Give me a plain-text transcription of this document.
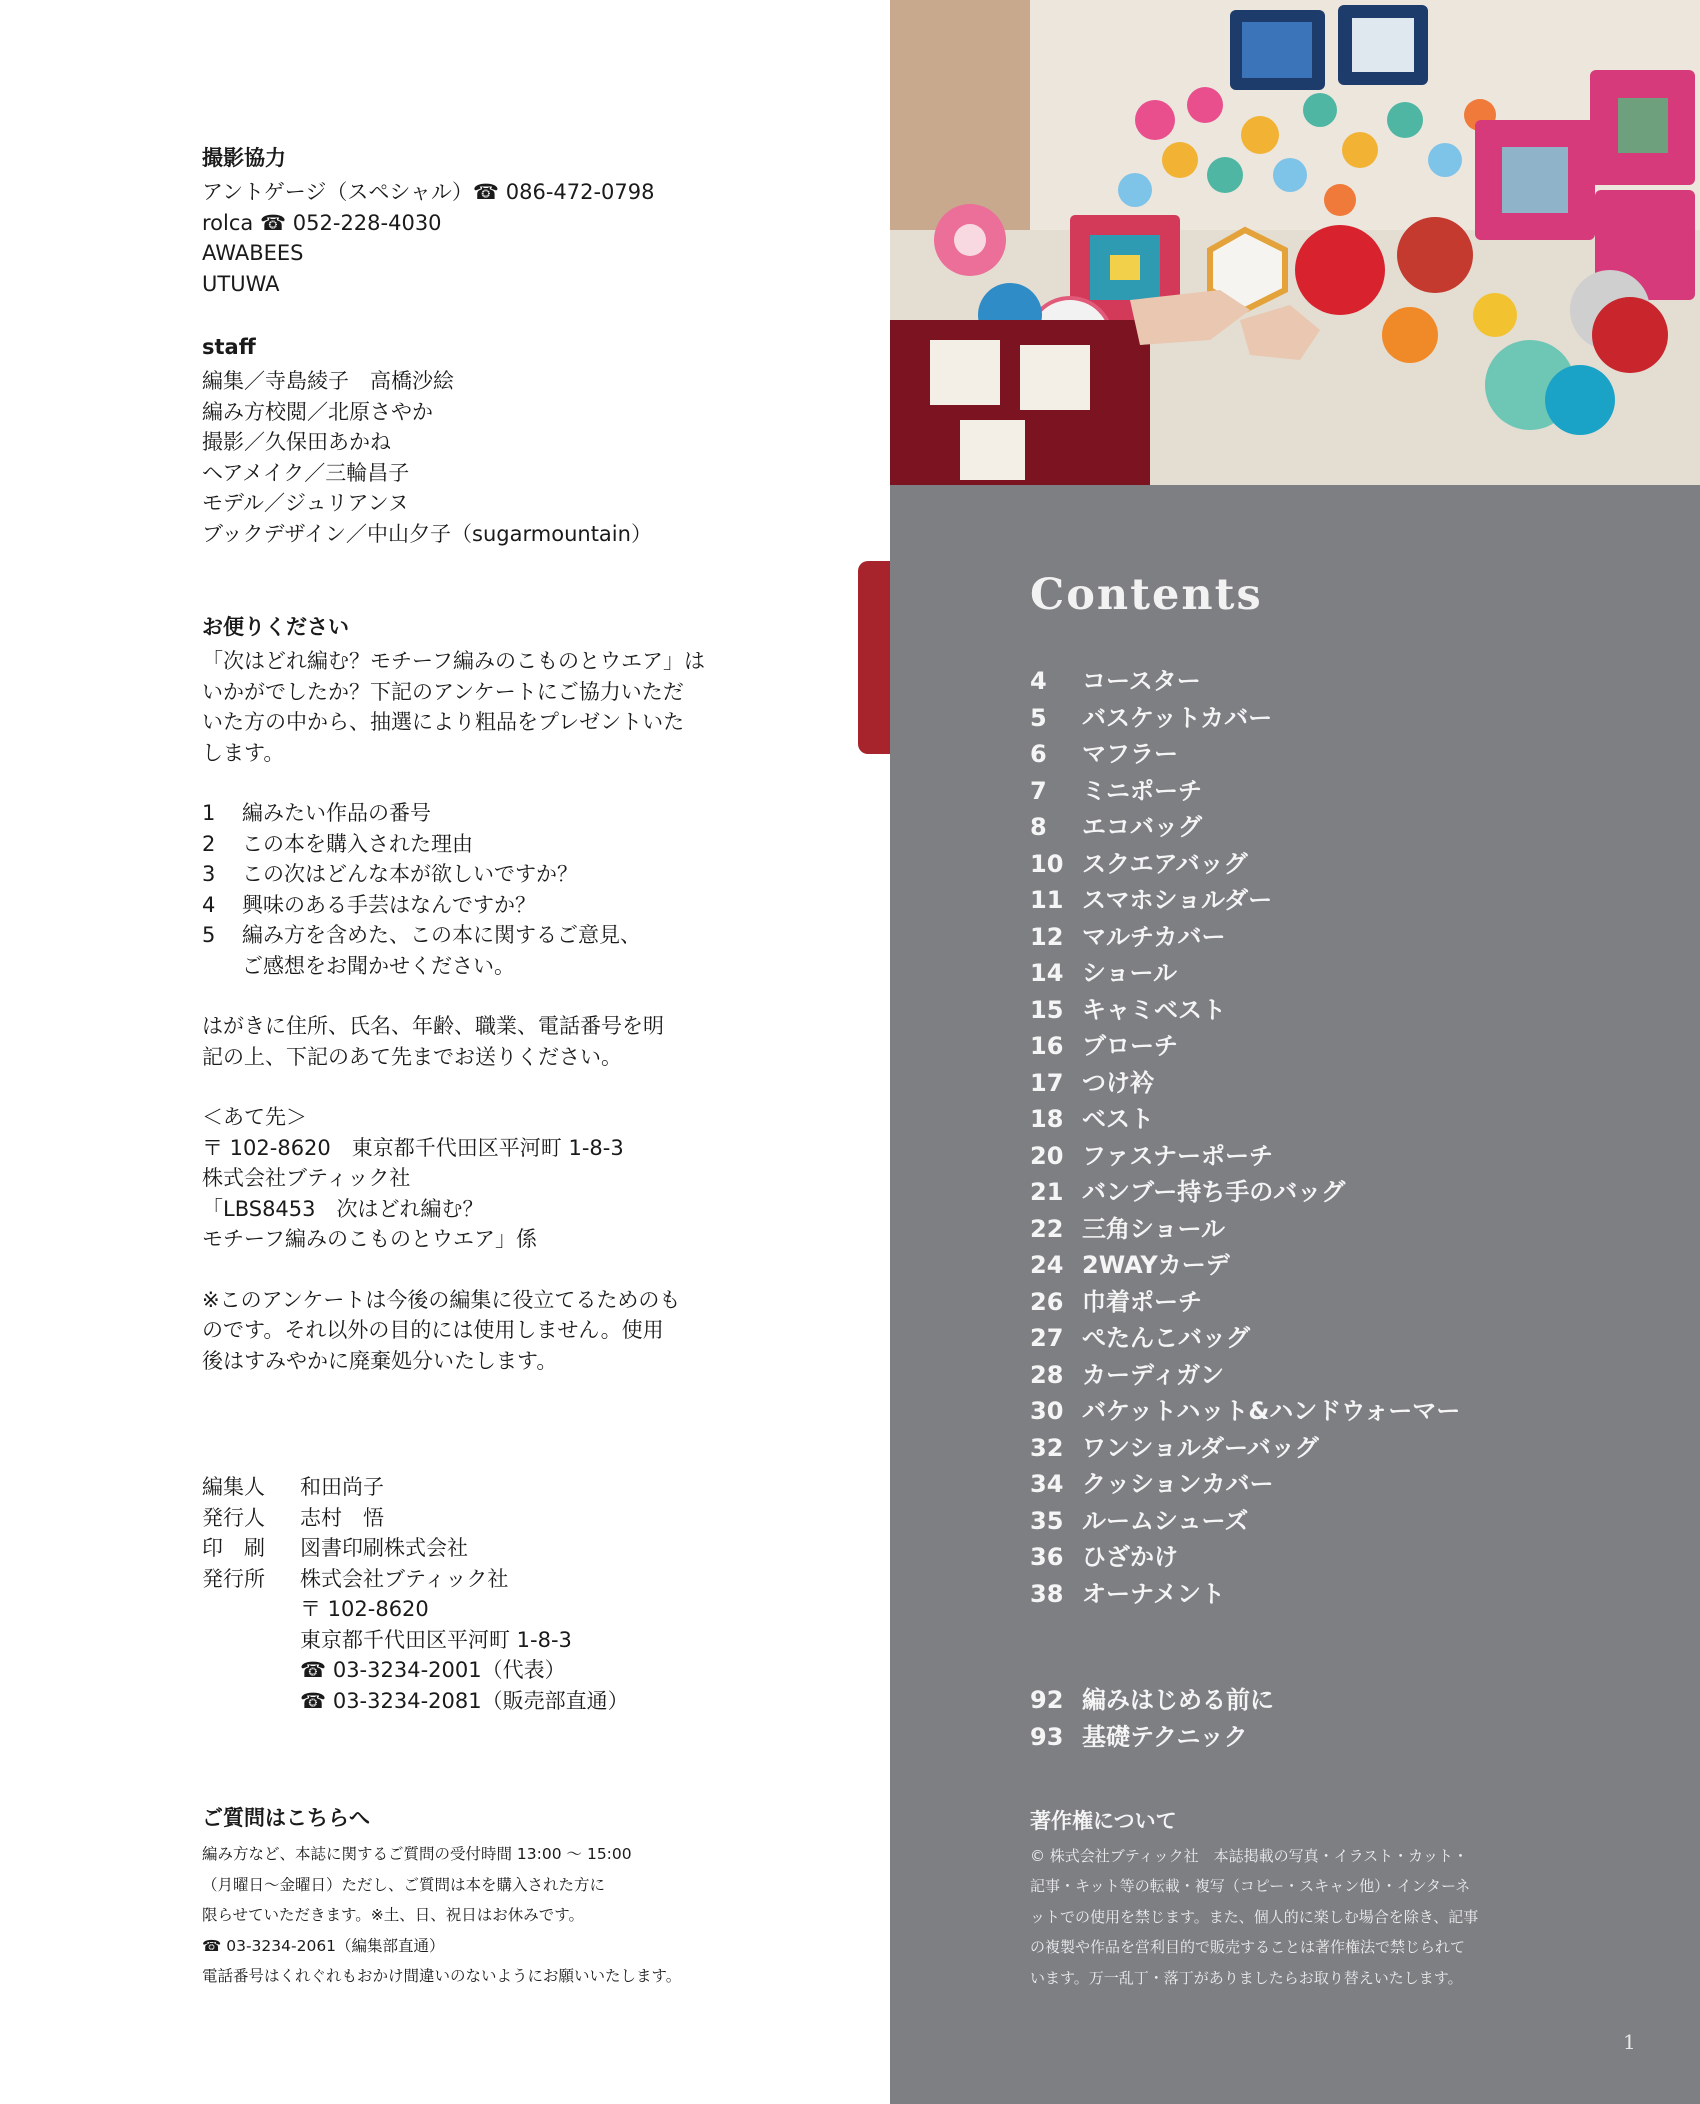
撮影協力

アントゲージ（スペシャル）☎ 086-472-0798

rolca ☎ 052-228-4030

AWABEES

UTUWA

staff

編集／寺島綾子　高橋沙絵

編み方校閲／北原さやか

撮影／久保田あかね

ヘアメイク／三輪昌子

モデル／ジュリアンヌ

ブックデザイン／中山夕子（sugarmountain）

お便りください

「次はどれ編む？モチーフ編みのこものとウエア」は

いかがでしたか？下記のアンケートにご協力いただ

いた方の中から、抽選により粗品をプレゼントいた

します。

1	編みたい作品の番号
2	この本を購入された理由
3	この次はどんな本が欲しいですか？
4	興味のある手芸はなんですか？
5	編み方を含めた、この本に関するご意見、
ご感想をお聞かせください。

はがきに住所、氏名、年齢、職業、電話番号を明

記の上、下記のあて先までお送りください。

＜あて先＞

〒 102-8620　東京都千代田区平河町 1-8-3

株式会社ブティック社

「LBS8453　次はどれ編む？

モチーフ編みのこものとウエア」係

※このアンケートは今後の編集に役立てるためのも

のです。それ以外の目的には使用しません。使用

後はすみやかに廃棄処分いたします。

編集人	和田尚子
発行人	志村　悟
印　刷	図書印刷株式会社
発行所	株式会社ブティック社
〒 102-8620
東京都千代田区平河町 1-8-3
☎ 03-3234-2001（代表）
☎ 03-3234-2081（販売部直通）

ご質問はこちらへ

編み方など、本誌に関するご質問の受付時間 13:00 ～ 15:00

（月曜日～金曜日）ただし、ご質問は本を購入された方に

限らせていただきます。※土、日、祝日はお休みです。

☎ 03-3234-2061（編集部直通）

電話番号はくれぐれもおかけ間違いのないようにお願いいたします。

Contents

4	コースター
5	バスケットカバー
6	マフラー
7	ミニポーチ
8	エコバッグ
10 スクエアバッグ
11 スマホショルダー
12 マルチカバー
14 ショール
15 キャミベスト
16 ブローチ
17 つけ衿
18 ベスト
20 ファスナーポーチ
21 バンブー持ち手のバッグ
22 三角ショール
24 2WAYカーデ
26 巾着ポーチ
27 ぺたんこバッグ
28 カーディガン
30 バケットハット&ハンドウォーマー
32 ワンショルダーバッグ
34 クッションカバー
35 ルームシューズ
36 ひざかけ
38 オーナメント
92 編みはじめる前に
93 基礎テクニック

著作権について

© 株式会社ブティック社　本誌掲載の写真・イラスト・カット・

記事・キット等の転載・複写（コピー・スキャン他）・インターネ

ットでの使用を禁じます。また、個人的に楽しむ場合を除き、記事

の複製や作品を営利目的で販売することは著作権法で禁じられて

います。万一乱丁・落丁がありましたらお取り替えいたします。

1
